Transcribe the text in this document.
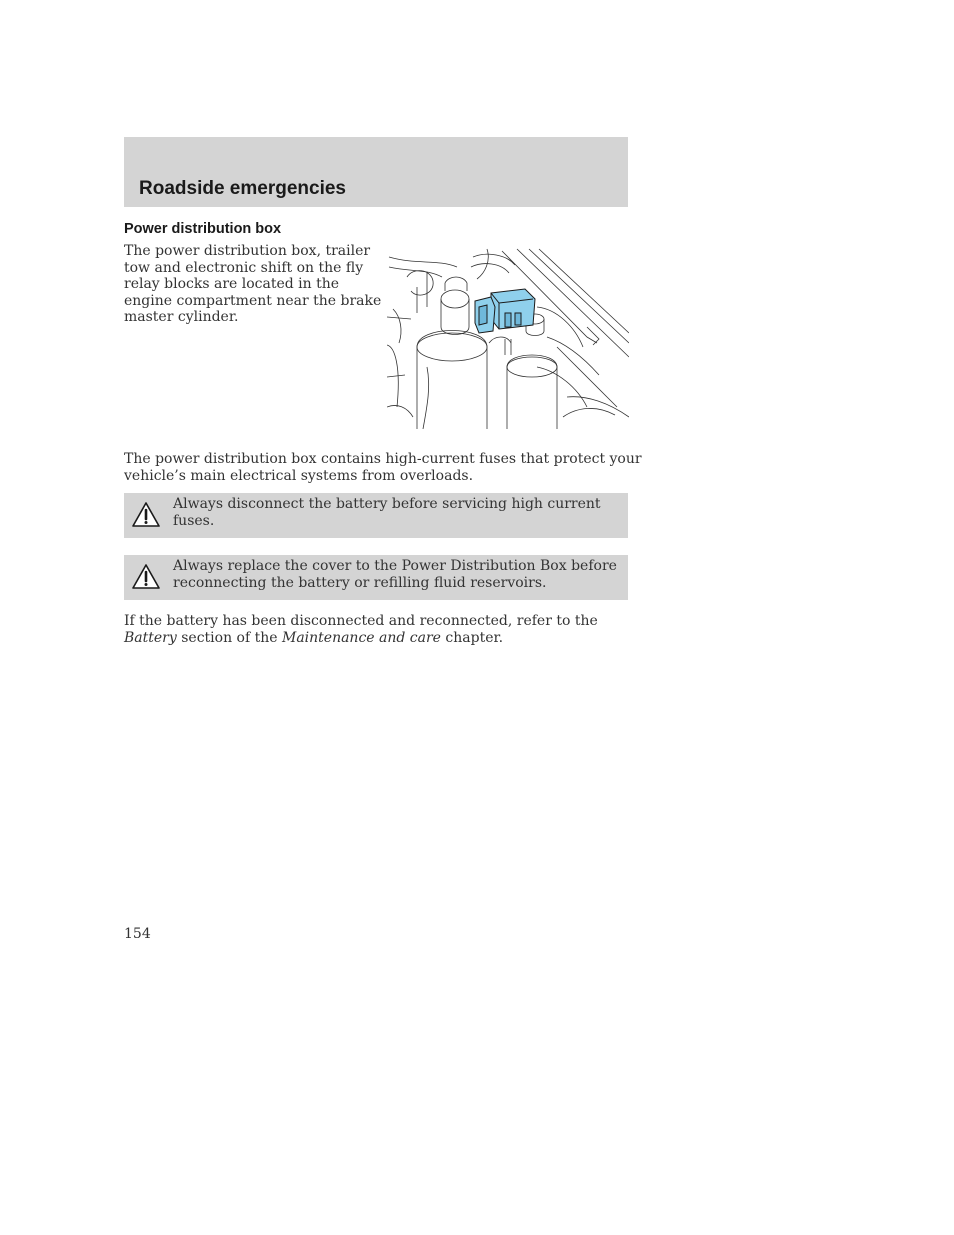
Roadside emergencies
Power distribution box

The power distribution box, trailer
tow and electronic shift on the fly
relay blocks are located in the
engine compartment near the brake
master cylinder.

The power distribution box contains high-current fuses that protect your
vehicle’s main electrical systems from overloads.

Always disconnect the battery before servicing high current
fuses.

Always replace the cover to the Power Distribution Box before
reconnecting the battery or refilling fluid reservoirs.

If the battery has been disconnected and reconnected, refer to the
Battery section of the Maintenance and care chapter.

154
